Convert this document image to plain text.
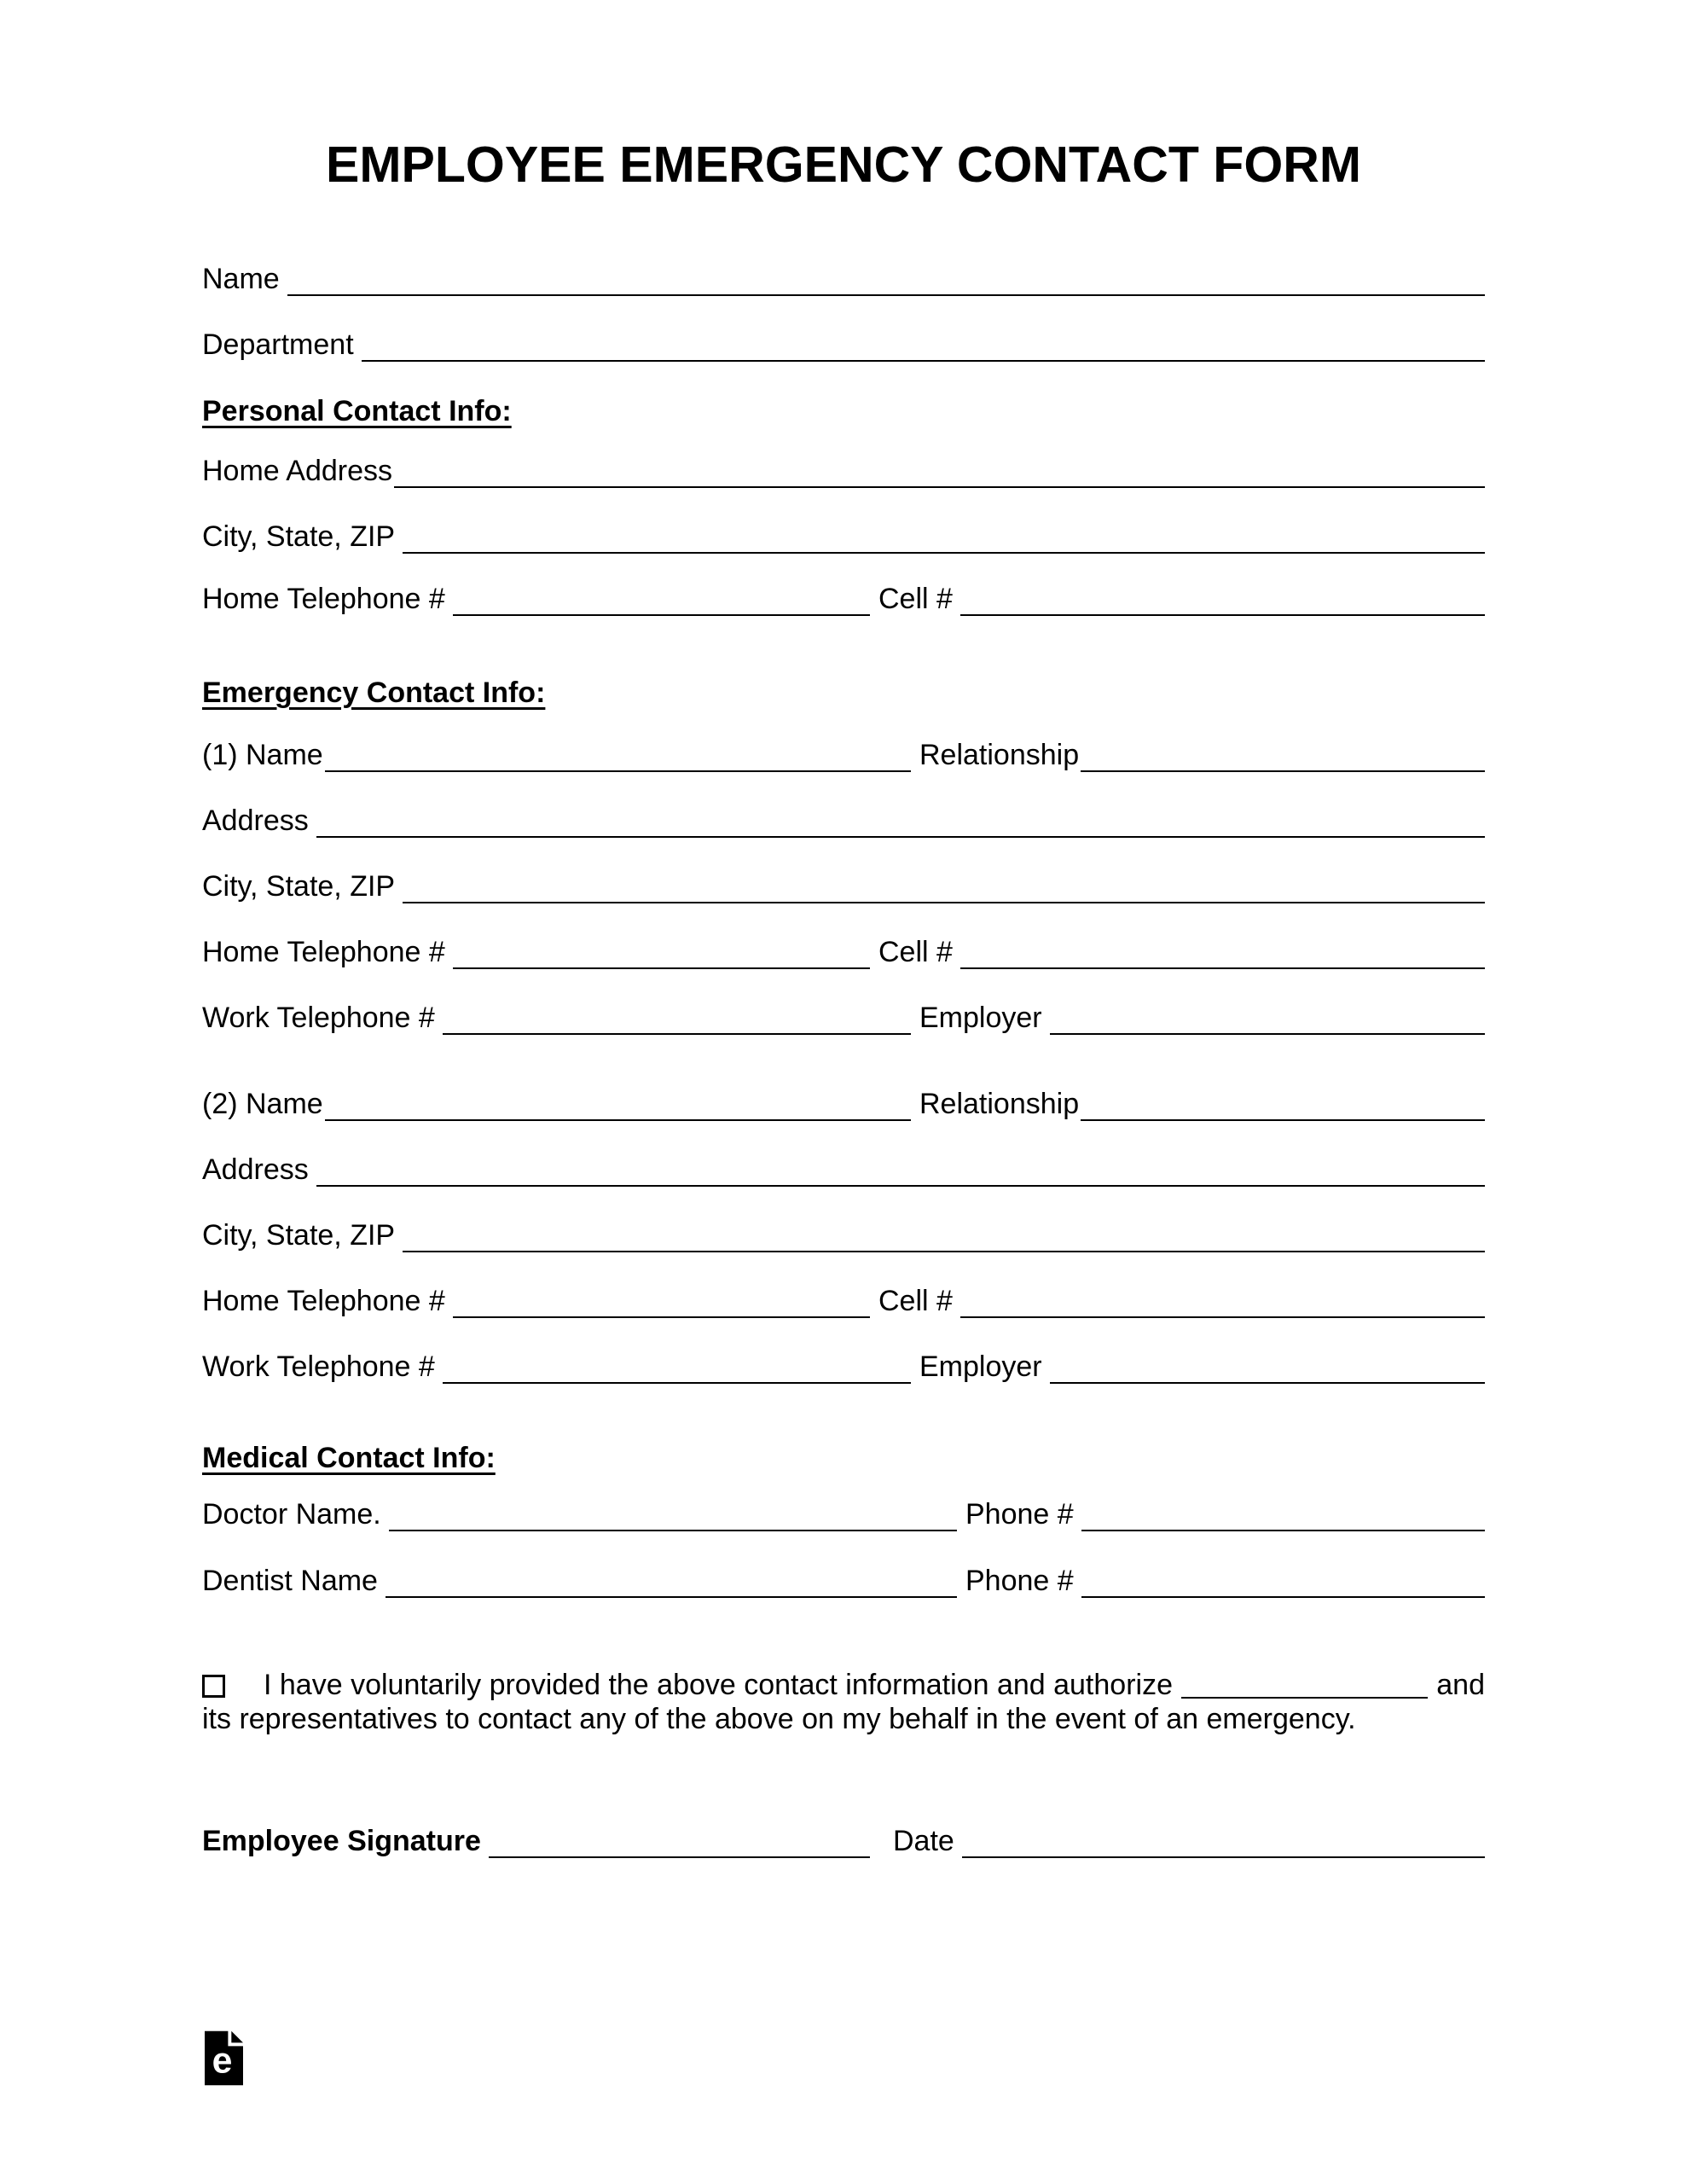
EMPLOYEE EMERGENCY CONTACT FORM
Name
Department
Personal Contact Info:
Home Address
City, State, ZIP
Home Telephone #	Cell #
Emergency Contact Info:
(1) Name	Relationship
Address
City, State, ZIP
Home Telephone #	Cell #
Work Telephone #	Employer
(2) Name	Relationship
Address
City, State, ZIP
Home Telephone #	Cell #
Work Telephone #	Employer
Medical Contact Info:
Doctor Name.	Phone #
Dentist Name	Phone #
I have voluntarily provided the above contact information and authorize	and
its representatives to contact any of the above on my behalf in the event of an emergency.
Employee Signature	Date
e
